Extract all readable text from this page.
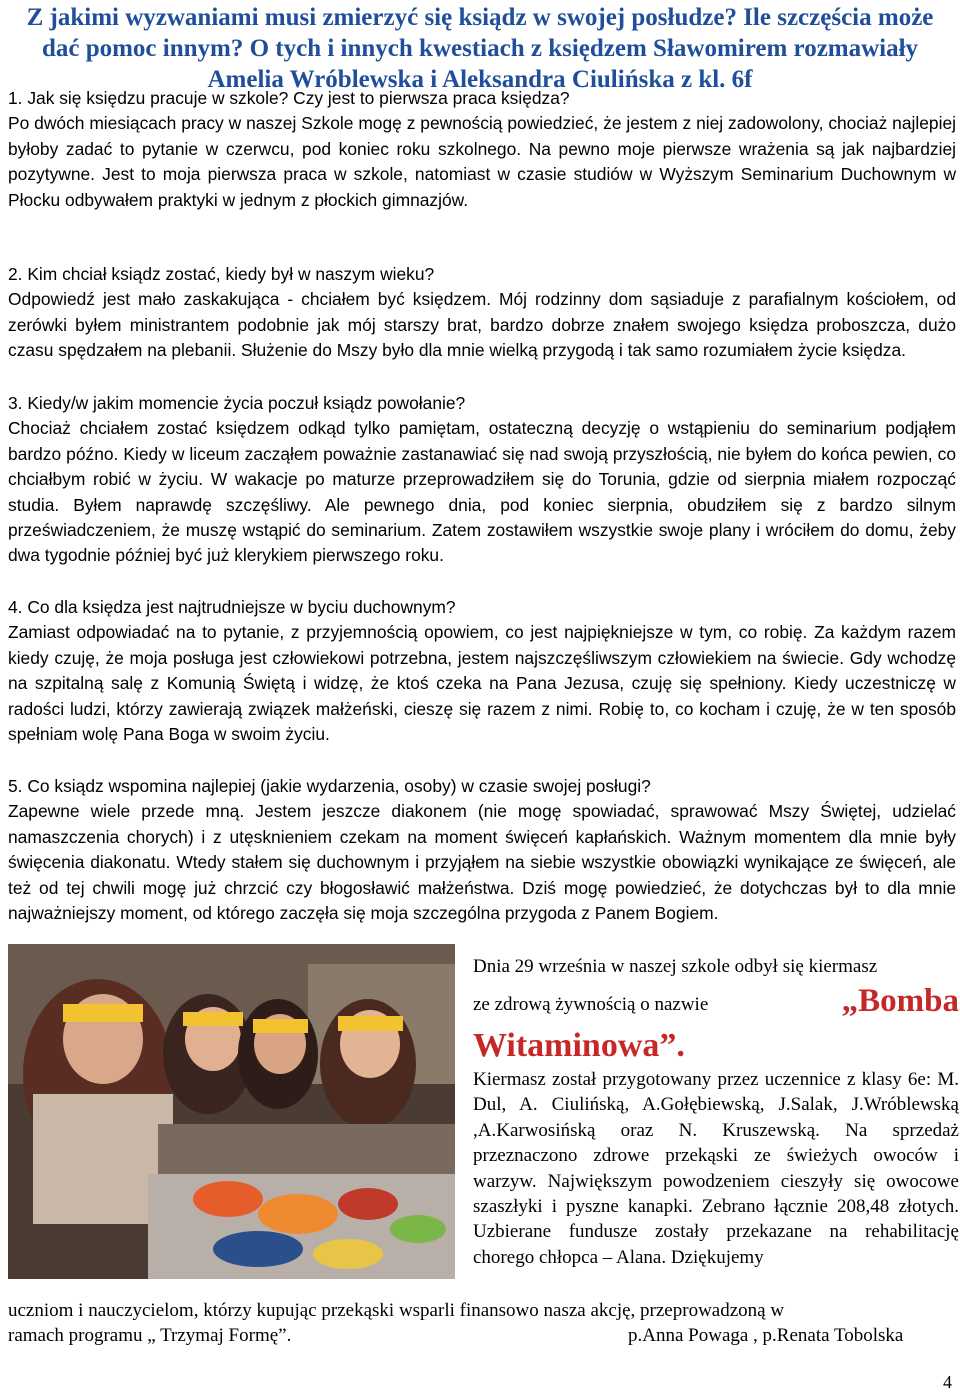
Z jakimi wyzwaniami musi zmierzyć się ksiądz w swojej posłudze? Ile szczęścia może
dać pomoc innym? O tych i innych kwestiach z księdzem Sławomirem rozmawiały
Amelia Wróblewska i Aleksandra Ciulińska z kl. 6f
1. Jak się księdzu pracuje w szkole? Czy jest to pierwsza praca księdza?
Po dwóch miesiącach pracy w naszej Szkole mogę z pewnością powiedzieć, że jestem z niej zadowolony, chociaż najlepiej byłoby zadać to pytanie w czerwcu, pod koniec roku szkolnego. Na pewno moje pierwsze wrażenia są jak najbardziej pozytywne. Jest to moja pierwsza praca w szkole, natomiast w czasie studiów w Wyższym Seminarium Duchownym w Płocku odbywałem praktyki w jednym z płockich gimnazjów.
2. Kim chciał ksiądz zostać, kiedy był w naszym wieku?
Odpowiedź jest mało zaskakująca - chciałem być księdzem. Mój rodzinny dom sąsiaduje z parafialnym kościołem, od zerówki byłem ministrantem podobnie jak mój starszy brat, bardzo dobrze znałem swojego księdza proboszcza, dużo czasu spędzałem na plebanii. Służenie do Mszy było dla mnie wielką przygodą i tak samo rozumiałem życie księdza.
3. Kiedy/w jakim momencie życia poczuł ksiądz powołanie?
Chociaż chciałem zostać księdzem odkąd tylko pamiętam, ostateczną decyzję o wstąpieniu do seminarium podjąłem bardzo późno. Kiedy w liceum zacząłem poważnie zastanawiać się nad swoją przyszłością, nie byłem do końca pewien, co chciałbym robić w życiu. W wakacje po maturze przeprowadziłem się do Torunia, gdzie od sierpnia miałem rozpocząć studia. Byłem naprawdę szczęśliwy. Ale pewnego dnia, pod koniec sierpnia, obudziłem się z bardzo silnym przeświadczeniem, że muszę wstąpić do seminarium. Zatem zostawiłem wszystkie swoje plany i wróciłem do domu, żeby dwa tygodnie później być już klerykiem pierwszego roku.
4. Co dla księdza jest najtrudniejsze w byciu duchownym?
Zamiast odpowiadać na to pytanie, z przyjemnością opowiem, co jest najpiękniejsze w tym, co robię. Za każdym razem kiedy czuję, że moja posługa jest człowiekowi potrzebna, jestem najszczęśliwszym człowiekiem na świecie. Gdy wchodzę na szpitalną salę z Komunią Świętą i widzę, że ktoś czeka na Pana Jezusa, czuję się spełniony. Kiedy uczestniczę w radości ludzi, którzy zawierają związek małżeński, cieszę się razem z nimi. Robię to, co kocham i czuję, że w ten sposób spełniam wolę Pana Boga w swoim życiu.
5. Co ksiądz wspomina najlepiej (jakie wydarzenia, osoby) w czasie swojej posługi?
Zapewne wiele przede mną. Jestem jeszcze diakonem (nie mogę spowiadać, sprawować Mszy Świętej, udzielać namaszczenia chorych) i z utęsknieniem czekam na moment święceń kapłańskich. Ważnym momentem dla mnie były święcenia diakonatu. Wtedy stałem się duchownym i przyjąłem na siebie wszystkie obowiązki wynikające ze święceń, ale też od tej chwili mogę już chrzcić czy błogosławić małżeństwa. Dziś mogę powiedzieć, że dotychczas był to dla mnie najważniejszy moment, od którego zaczęła się moja szczególna przygoda z Panem Bogiem.
Dnia 29 września w naszej szkole odbył się kiermasz
ze zdrową żywnością o nazwie	„Bomba
Witaminowa”.
Kiermasz został przygotowany przez uczennice z klasy 6e: M. Dul, A. Ciulińską, A.Gołębiewską, J.Salak, J.Wróblewską ,A.Karwosińską oraz N. Kruszewską. Na sprzedaż przeznaczono zdrowe przekąski ze świeżych owoców i warzyw. Największym powodzeniem cieszyły się owocowe szaszłyki i pyszne kanapki. Zebrano łącznie 208,48 złotych. Uzbierane fundusze zostały przekazane na rehabilitację chorego chłopca – Alana. Dziękujemy
uczniom i nauczycielom, którzy kupując przekąski wsparli finansowo nasza akcję, przeprowadzoną w
ramach programu „ Trzymaj Formę”.	p.Anna Powaga , p.Renata Tobolska
4
